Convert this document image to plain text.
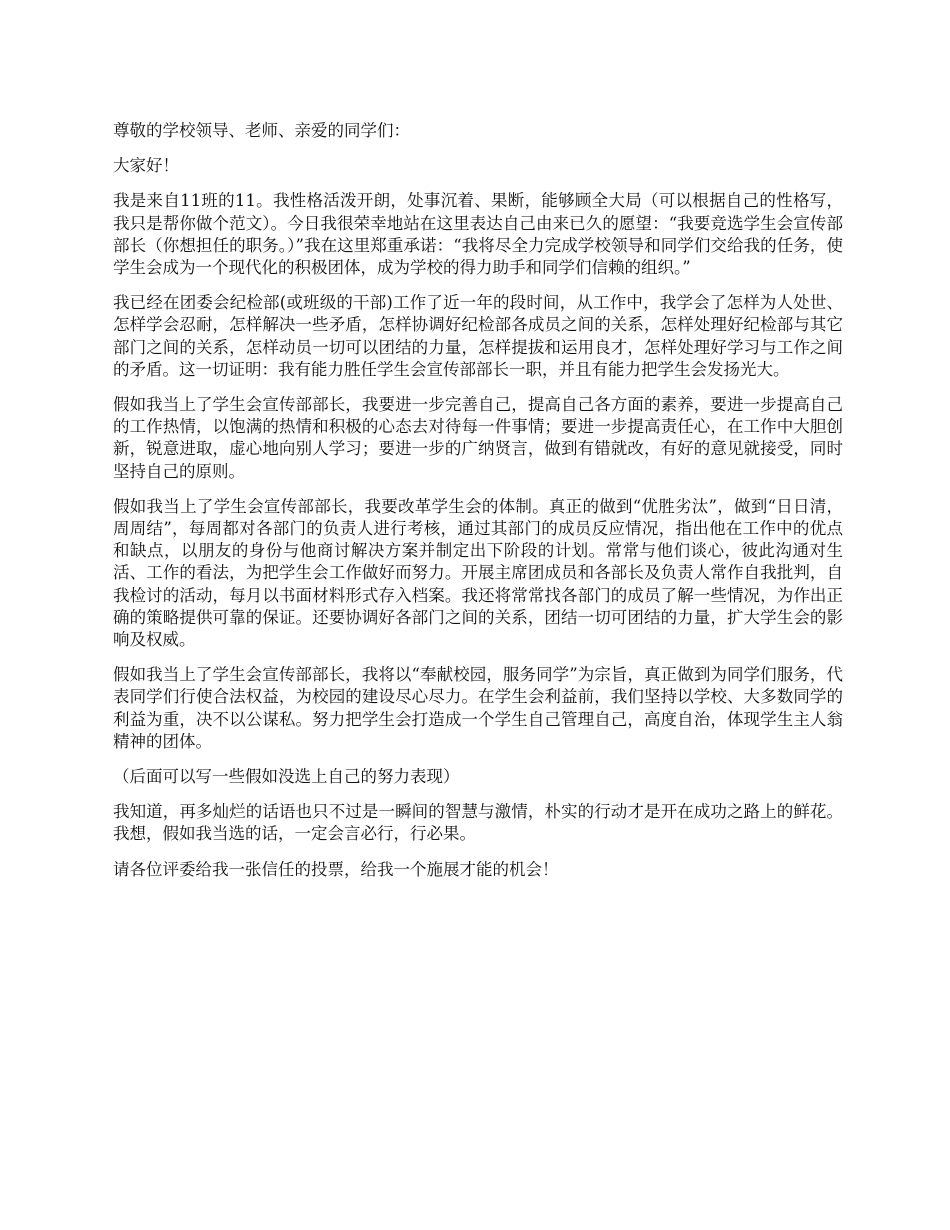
尊敬的学校领导、老师、亲爱的同学们：

大家好！

我是来自11班的11。我性格活泼开朗，处事沉着、果断，能够顾全大局（可以根据自己的性格写，我只是帮你做个范文）。今日我很荣幸地站在这里表达自己由来已久的愿望：“我要竞选学生会宣传部部长（你想担任的职务。）”我在这里郑重承诺：“我将尽全力完成学校领导和同学们交给我的任务，使学生会成为一个现代化的积极团体，成为学校的得力助手和同学们信赖的组织。”

我已经在团委会纪检部(或班级的干部)工作了近一年的段时间，从工作中，我学会了怎样为人处世、怎样学会忍耐，怎样解决一些矛盾，怎样协调好纪检部各成员之间的关系，怎样处理好纪检部与其它部门之间的关系，怎样动员一切可以团结的力量，怎样提拔和运用良才，怎样处理好学习与工作之间的矛盾。这一切证明：我有能力胜任学生会宣传部部长一职，并且有能力把学生会发扬光大。

假如我当上了学生会宣传部部长，我要进一步完善自己，提高自己各方面的素养，要进一步提高自己的工作热情，以饱满的热情和积极的心态去对待每一件事情；要进一步提高责任心，在工作中大胆创新，锐意进取，虚心地向别人学习；要进一步的广纳贤言，做到有错就改，有好的意见就接受，同时坚持自己的原则。

假如我当上了学生会宣传部部长，我要改革学生会的体制。真正的做到“优胜劣汰”，做到“日日清，周周结”，每周都对各部门的负责人进行考核，通过其部门的成员反应情况，指出他在工作中的优点和缺点，以朋友的身份与他商讨解决方案并制定出下阶段的计划。常常与他们谈心，彼此沟通对生活、工作的看法，为把学生会工作做好而努力。开展主席团成员和各部长及负责人常作自我批判，自我检讨的活动，每月以书面材料形式存入档案。我还将常常找各部门的成员了解一些情况，为作出正确的策略提供可靠的保证。还要协调好各部门之间的关系，团结一切可团结的力量，扩大学生会的影响及权威。

假如我当上了学生会宣传部部长，我将以“奉献校园，服务同学”为宗旨，真正做到为同学们服务，代表同学们行使合法权益，为校园的建设尽心尽力。在学生会利益前，我们坚持以学校、大多数同学的利益为重，决不以公谋私。努力把学生会打造成一个学生自己管理自己，高度自治，体现学生主人翁精神的团体。

（后面可以写一些假如没选上自己的努力表现）

我知道，再多灿烂的话语也只不过是一瞬间的智慧与激情，朴实的行动才是开在成功之路上的鲜花。我想，假如我当选的话，一定会言必行，行必果。

请各位评委给我一张信任的投票，给我一个施展才能的机会！
